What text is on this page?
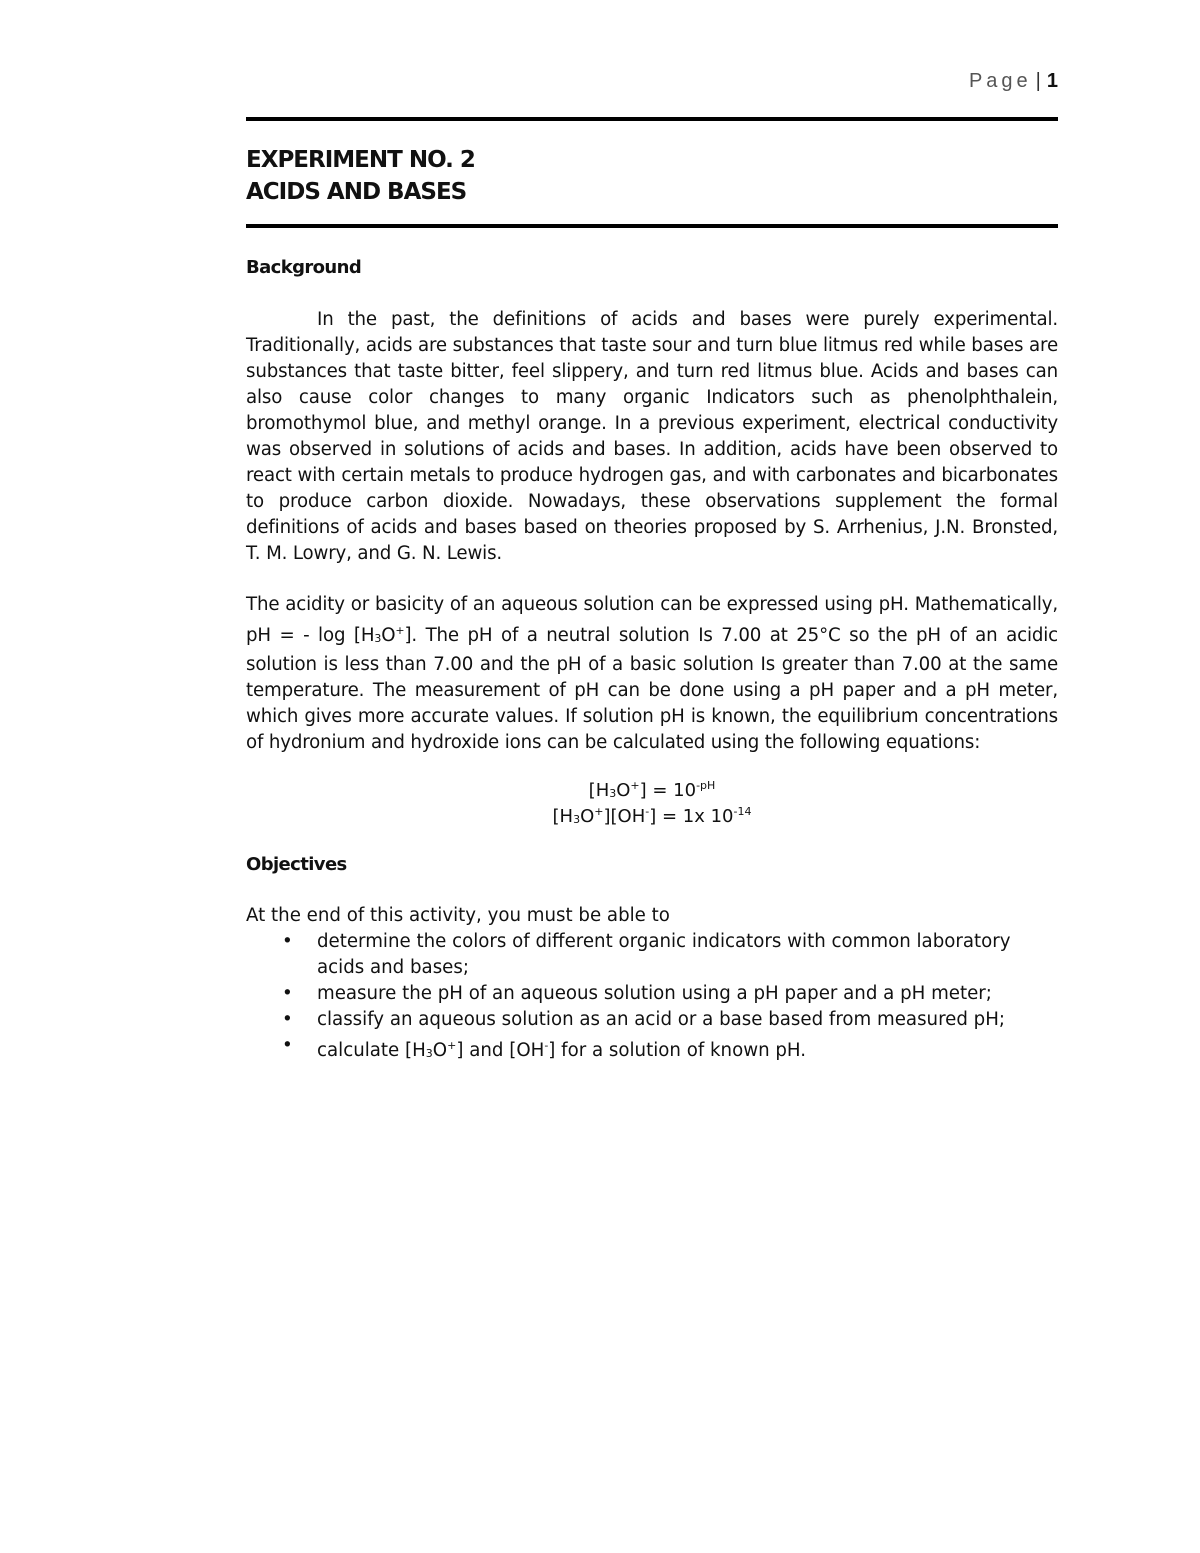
Page | 1
EXPERIMENT NO. 2
ACIDS AND BASES
Background
In the past, the definitions of acids and bases were purely experimental. Traditionally, acids are substances that taste sour and turn blue litmus red while bases are substances that taste bitter, feel slippery, and turn red litmus blue. Acids and bases can also cause color changes to many organic Indicators such as phenolphthalein, bromothymol blue, and methyl orange. In a previous experiment, electrical conductivity was observed in solutions of acids and bases. In addition, acids have been observed to react with certain metals to produce hydrogen gas, and with carbonates and bicarbonates to produce carbon dioxide. Nowadays, these observations supplement the formal definitions of acids and bases based on theories proposed by S. Arrhenius, J.N. Bronsted, T. M. Lowry, and G. N. Lewis.
The acidity or basicity of an aqueous solution can be expressed using pH. Mathematically, pH = - $\log [H_3O^+]$. The pH of a neutral solution Is 7.00 at 25°C so the pH of an acidic solution is less than 7.00 and the pH of a basic solution Is greater than 7.00 at the same temperature. The measurement of pH can be done using a pH paper and a pH meter, which gives more accurate values. If solution pH is known, the equilibrium concentrations of hydronium and hydroxide ions can be calculated using the following equations:
$[H_3O^+] = 10^{-pH}$
$[H_3O^+][OH^-] = 1x$ $10^{-14}$
Objectives
At the end of this activity, you must be able to
• determine the colors of different organic indicators with common laboratory acids and bases;
• measure the pH of an aqueous solution using a pH paper and a pH meter;
• classify an aqueous solution as an acid or a base based from measured pH;
• calculate $[H_3O^+]$ and [OH-] for a solution of known pH.
